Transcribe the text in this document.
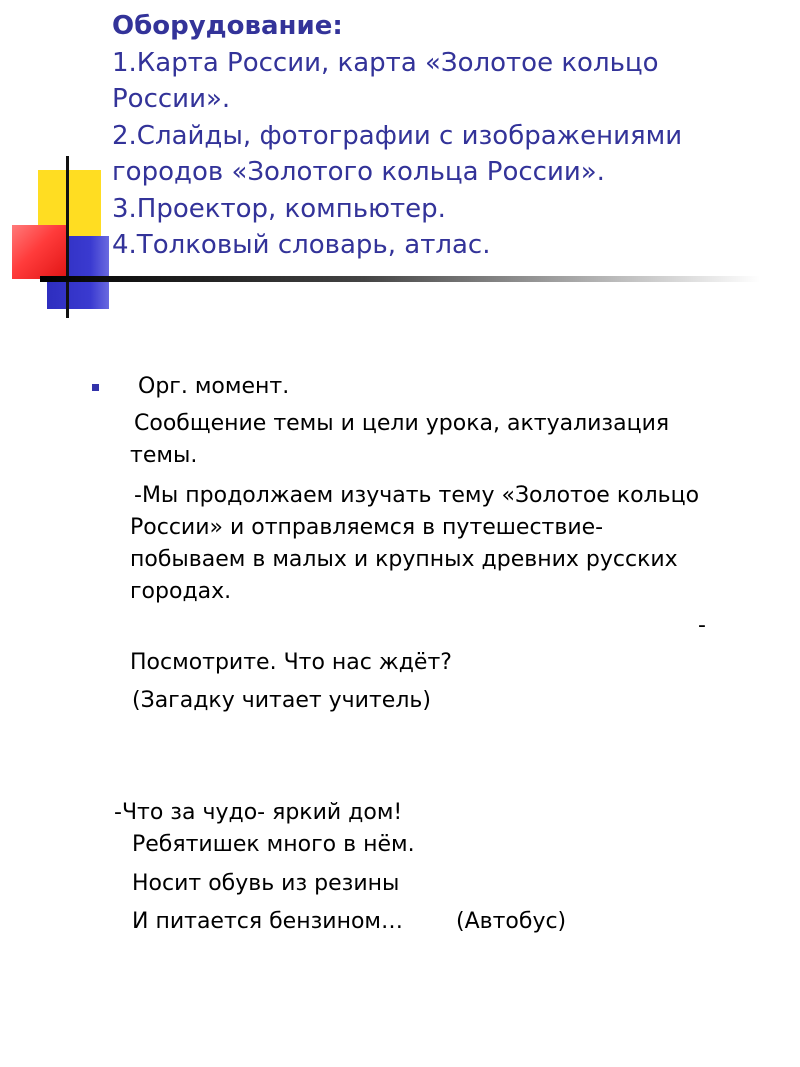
Оборудование:
1.Карта России, карта «Золотое кольцо
России».
2.Слайды, фотографии с изображениями
городов «Золотого кольца России».
3.Проектор, компьютер.
4.Толковый словарь, атлас.
Орг. момент.
Сообщение темы и цели урока, актуализация
темы.
-Мы продолжаем изучать тему «Золотое кольцо
России» и отправляемся в путешествие-
побываем в малых и крупных древних русских
городах.
-
Посмотрите. Что нас ждёт?
(Загадку читает учитель)
-Что за чудо- яркий дом!
Ребятишек много в нём.
Носит обувь из резины
И питается бензином… (Автобус)
